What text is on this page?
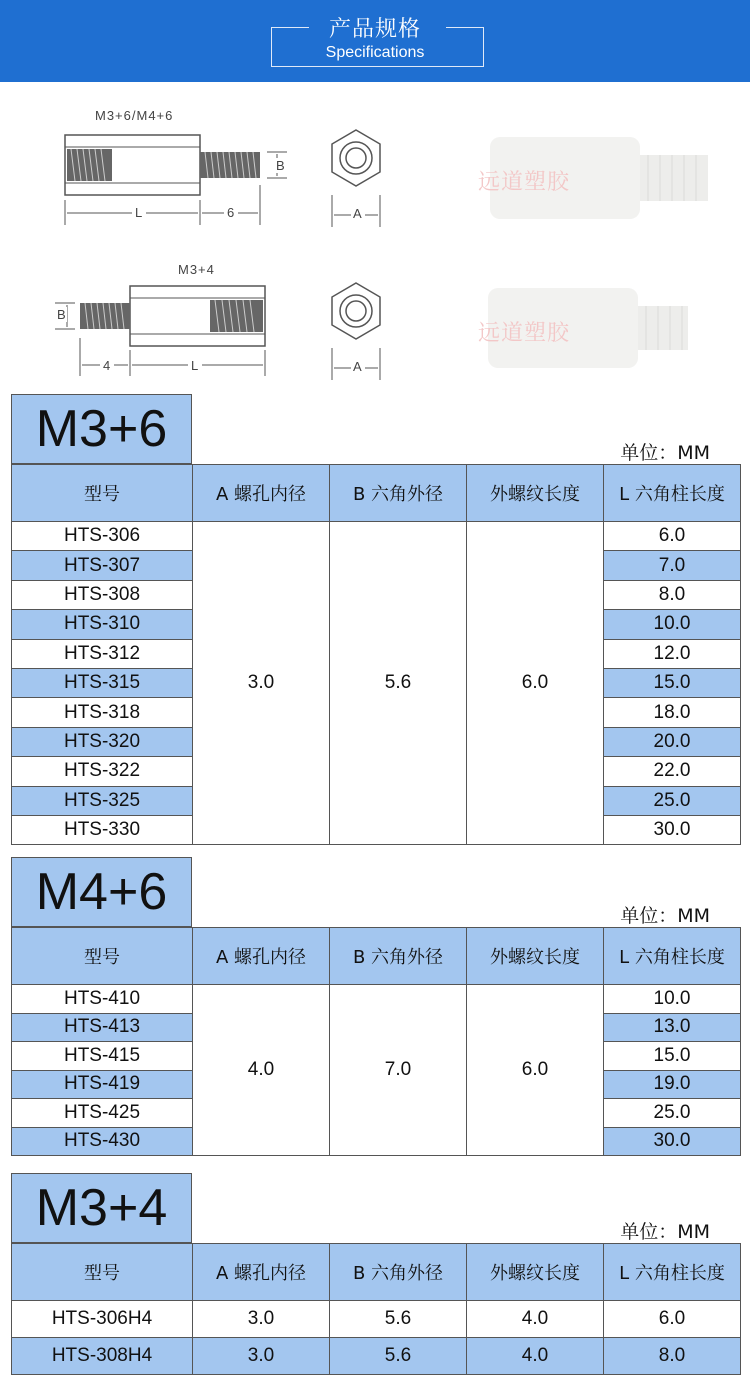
产品规格
Specifications
M3+6/M4+6
L	6
B
A
远道塑胶
M3+4
B
4	L	A
远道塑胶
M3+6	单位：MM
型号	A 螺孔内径	B 六角外径	外螺纹长度	L 六角柱长度
HTS-306	3.0	5.6	6.0	6.0
HTS-307				7.0
HTS-308				8.0
HTS-310				10.0
HTS-312				12.0
HTS-315				15.0
HTS-318				18.0
HTS-320				20.0
HTS-322				22.0
HTS-325				25.0
HTS-330				30.0
M4+6	单位：MM
型号	A 螺孔内径	B 六角外径	外螺纹长度	L 六角柱长度
HTS-410	4.0	7.0	6.0	10.0
HTS-413				13.0
HTS-415				15.0
HTS-419				19.0
HTS-425				25.0
HTS-430				30.0
M3+4	单位：MM
型号	A 螺孔内径	B 六角外径	外螺纹长度	L 六角柱长度
HTS-306H4	3.0	5.6	4.0	6.0
HTS-308H4	3.0	5.6	4.0	8.0
